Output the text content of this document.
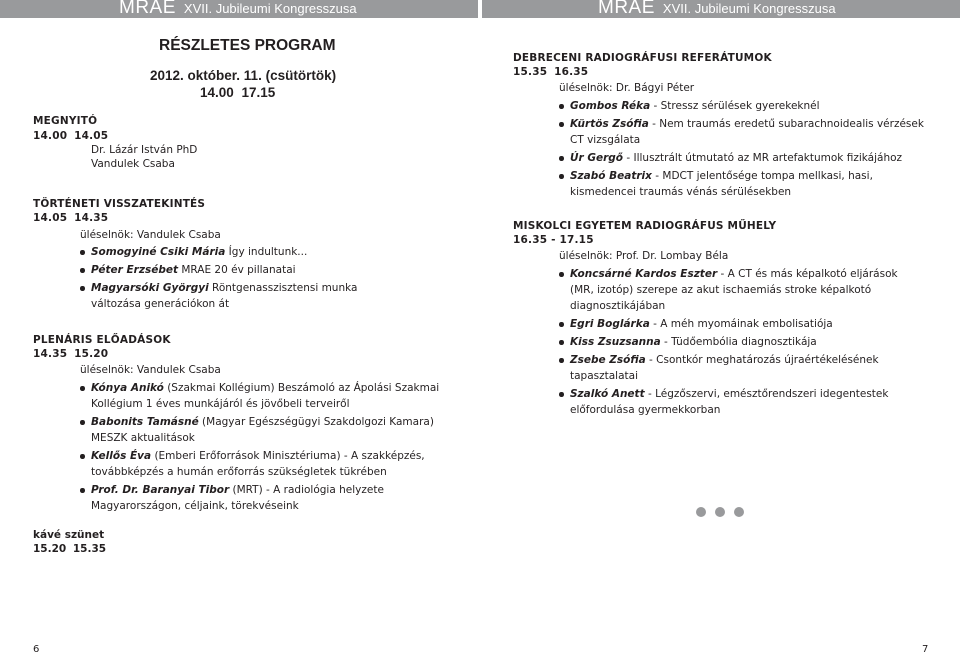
MRAE XVII. Jubileumi Kongresszusa	MRAE XVII. Jubileumi Kongresszusa
RÉSZLETES PROGRAM
2012. október. 11. (csütörtök)
14.00 17.15
MEGNYITÓ
14.00 14.05
Dr. Lázár István PhD
Vandulek Csaba
TÖRTÉNETI VISSZATEKINTÉS
14.05 14.35
üléselnök: Vandulek Csaba
Somogyiné Csiki Mária Így indultunk...
Péter Erzsébet MRAE 20 év pillanatai
Magyarsóki Györgyi Röntgenasszisztensi munka változása generációkon át
PLENÁRIS ELŐADÁSOK
14.35 15.20
üléselnök: Vandulek Csaba
Kónya Anikó (Szakmai Kollégium) Beszámoló az Ápolási Szakmai Kollégium 1 éves munkájáról és jövőbeli terveiről
Babonits Tamásné (Magyar Egészségügyi Szakdolgozi Kamara) MESZK aktualitások
Kellős Éva (Emberi Erőforrások Minisztériuma) - A szakképzés, továbbképzés a humán erőforrás szükségletek tükrében
Prof. Dr. Baranyai Tibor (MRT) - A radiológia helyzete Magyarországon, céljaink, törekvéseink
kávé szünet
15.20 15.35
6
DEBRECENI RADIOGRÁFUSI REFERÁTUMOK
15.35 16.35
üléselnök: Dr. Bágyi Péter
Gombos Réka - Stressz sérülések gyerekeknél
Kürtös Zsófia - Nem traumás eredetű subarachnoidealis vérzések CT vizsgálata
Úr Gergő - Illusztrált útmutató az MR artefaktumok fizikájához
Szabó Beatrix - MDCT jelentősége tompa mellkasi, hasi, kismedencei traumás vénás sérülésekben
MISKOLCI EGYETEM RADIOGRÁFUS MŰHELY
16.35 - 17.15
üléselnök: Prof. Dr. Lombay Béla
Koncsárné Kardos Eszter - A CT és más képalkotó eljárások (MR, izotóp) szerepe az akut ischaemiás stroke képalkotó diagnosztikájában
Egri Boglárka - A méh myomáinak embolisatiója
Kiss Zsuzsanna - Tüdőembólia diagnosztikája
Zsebe Zsófia - Csontkór meghatározás újraértékelésének tapasztalatai
Szalkó Anett - Légzőszervi, emésztőrendszeri idegentestek előfordulása gyermekkorban
7
